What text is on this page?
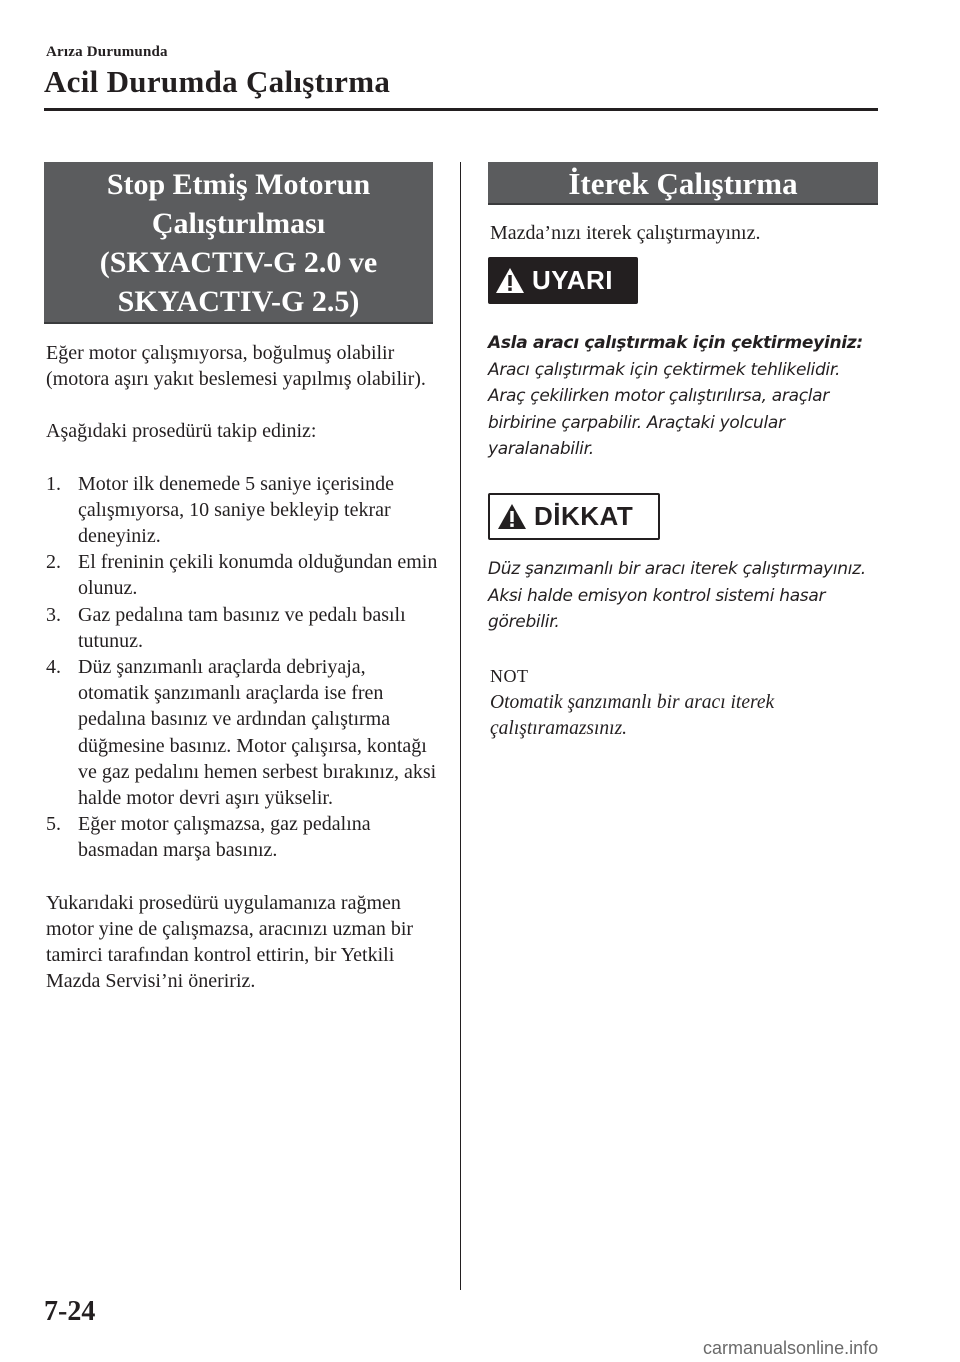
Arıza Durumunda
Acil Durumda Çalıştırma
Stop Etmiş Motorun
Çalıştırılması
(SKYACTIV-G 2.0 ve
SKYACTIV-G 2.5)

Eğer motor çalışmıyorsa, boğulmuş olabilir (motora aşırı yakıt beslemesi yapılmış olabilir).

Aşağıdaki prosedürü takip ediniz:

1. Motor ilk denemede 5 saniye içerisinde çalışmıyorsa, 10 saniye bekleyip tekrar deneyiniz.
2. El freninin çekili konumda olduğundan emin olunuz.
3. Gaz pedalına tam basınız ve pedalı basılı tutunuz.
4. Düz şanzımanlı araçlarda debriyaja, otomatik şanzımanlı araçlarda ise fren pedalına basınız ve ardından çalıştırma düğmesine basınız. Motor çalışırsa, kontağı ve gaz pedalını hemen serbest bırakınız, aksi halde motor devri aşırı yükselir.
5. Eğer motor çalışmazsa, gaz pedalına basmadan marşa basınız.

Yukarıdaki prosedürü uygulamanıza rağmen motor yine de çalışmazsa, aracınızı uzman bir tamirci tarafından kontrol ettirin, bir Yetkili Mazda Servisi’ni öneririz.

İterek Çalıştırma
Mazda’nızı iterek çalıştırmayınız.
UYARI
Asla aracı çalıştırmak için çektirmeyiniz:
Aracı çalıştırmak için çektirmek tehlikelidir. Araç çekilirken motor çalıştırılırsa, araçlar birbirine çarpabilir. Araçtaki yolcular yaralanabilir.
DİKKAT
Düz şanzımanlı bir aracı iterek çalıştırmayınız. Aksi halde emisyon kontrol sistemi hasar görebilir.
NOT
Otomatik şanzımanlı bir aracı iterek çalıştıramazsınız.
7-24
carmanualsonline.info
